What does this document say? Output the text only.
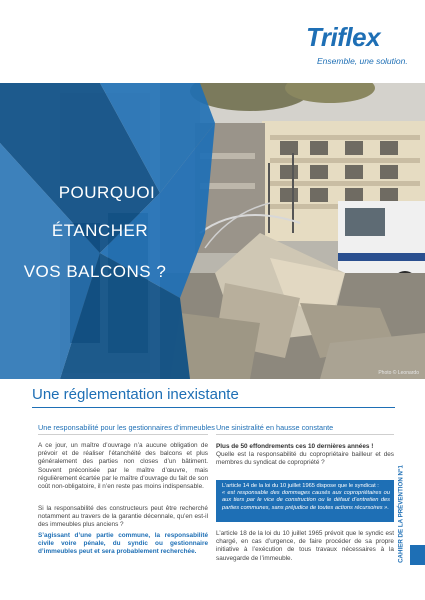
Triflex
Ensemble, une solution.
POURQUOI
ÉTANCHER
VOS BALCONS ?
Photo © Leonardo
Une réglementation inexistante
Une responsabilité pour les gestionnaires d’immeubles Une sinistralité en hausse constante
A ce jour, un maître d’ouvrage n’a aucune obligation de prévoir et de réaliser l’étanchéité des balcons et plus généralement des parties non closes d’un bâtiment. Souvent préconisée par le maître d’œuvre, mais régulièrement écartée par le maître d’ouvrage du fait de son coût non-obligatoire, il n’en reste pas moins indispensable.
Si la responsabilité des constructeurs peut être recherché notamment au travers de la garantie décennale, qu’en est-il des immeubles plus anciens ?
S’agissant d’une partie commune, la responsabilité civile voire pénale, du syndic ou gestionnaire d’immeubles peut et sera probablement recherchée.
Plus de 50 effondrements ces 10 dernières années !
Quelle est la responsabilité du copropriétaire bailleur et des membres du syndicat de copropriété ?
L’article 14 de la loi du 10 juillet 1965 dispose que le syndicat :
« est responsable des dommages causés aux copropriétaires ou aux tiers par le vice de construction ou le défaut d’entretien des parties communes, sans préjudice de toutes actions récursoires ».
L’article 18 de la loi du 10 juillet 1965 prévoit que le syndic est chargé, en cas d’urgence, de faire procéder de sa propre initiative à l’exécution de tous travaux nécessaires à la sauvegarde de l’immeuble.	CAHIER DE LA PRÉVENTION N°1
